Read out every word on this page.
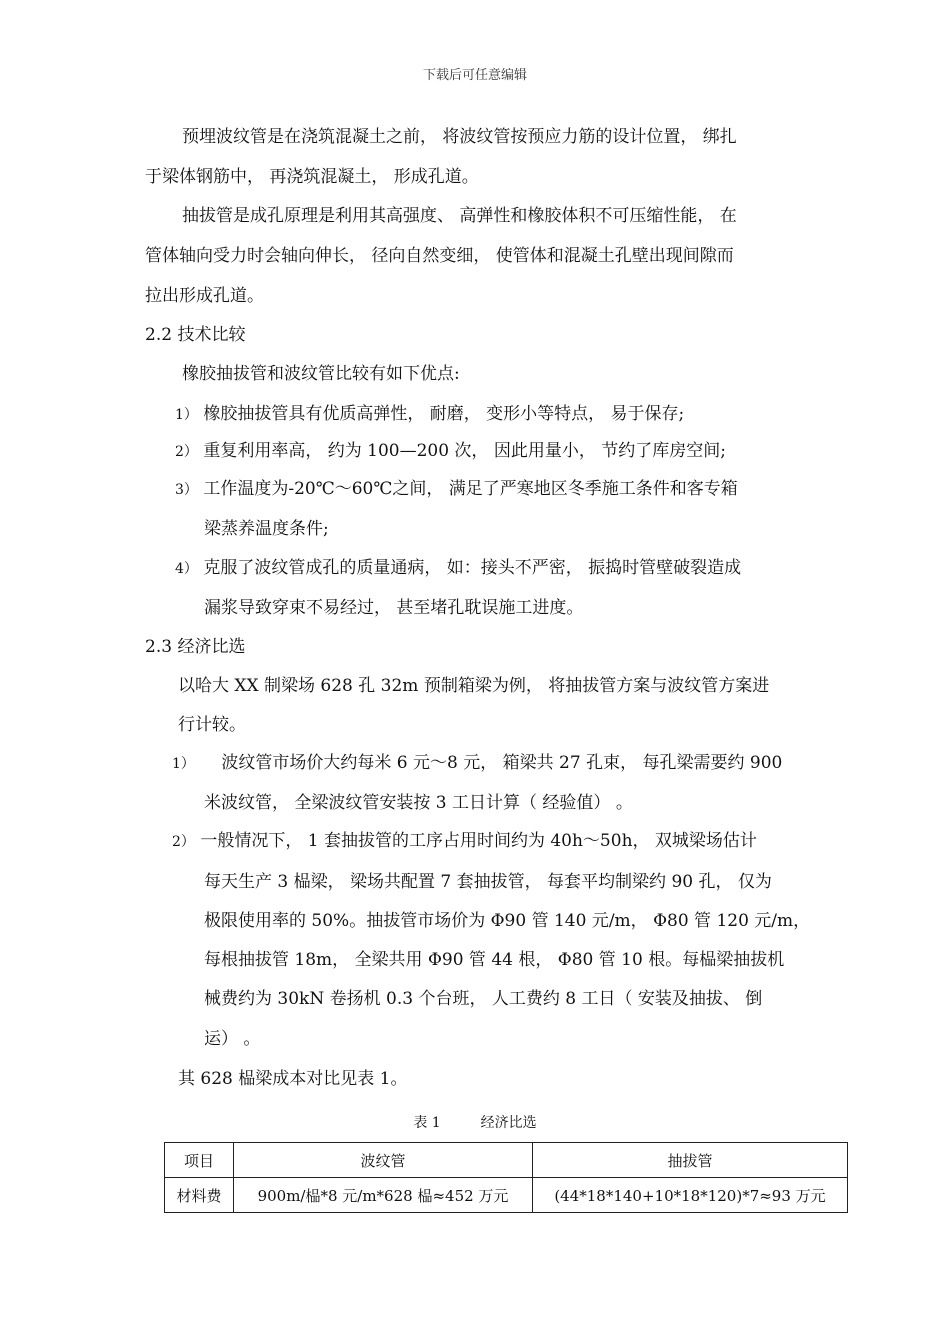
下载后可任意编辑
预埋波纹管是在浇筑混凝土之前， 将波纹管按预应力筋的设计位置， 绑扎
于梁体钢筋中， 再浇筑混凝土， 形成孔道。
抽拔管是成孔原理是利用其高强度、 高弹性和橡胶体积不可压缩性能， 在
管体轴向受力时会轴向伸长， 径向自然变细， 使管体和混凝土孔壁出现间隙而
拉出形成孔道。
2.2 技术比较
橡胶抽拔管和波纹管比较有如下优点:
1） 橡胶抽拔管具有优质高弹性， 耐磨， 变形小等特点， 易于保存;
2） 重复利用率高， 约为 100—200 次， 因此用量小， 节约了库房空间;
3） 工作温度为-20℃～60℃之间， 满足了严寒地区冬季施工条件和客专箱
梁蒸养温度条件;
4） 克服了波纹管成孔的质量通病， 如：接头不严密， 振捣时管壁破裂造成
漏浆导致穿束不易经过， 甚至堵孔耽误施工进度。
2.3 经济比选
以哈大 XX 制梁场 628 孔 32m 预制箱梁为例， 将抽拔管方案与波纹管方案进
行计较。
1） 波纹管市场价大约每米 6 元～8 元， 箱梁共 27 孔束， 每孔梁需要约 900
米波纹管， 全梁波纹管安装按 3 工日计算（ 经验值） 。
2） 一般情况下， 1 套抽拔管的工序占用时间约为 40h～50h， 双城梁场估计
每天生产 3 榀梁， 梁场共配置 7 套抽拔管， 每套平均制梁约 90 孔， 仅为
极限使用率的 50%。抽拔管市场价为 Φ90 管 140 元/m， Φ80 管 120 元/m，
每根抽拔管 18m， 全梁共用 Φ90 管 44 根， Φ80 管 10 根。每榀梁抽拔机
械费约为 30kN 卷扬机 0.3 个台班， 人工费约 8 工日（ 安装及抽拔、 倒
运） 。
其 628 榀梁成本对比见表 1。
表 1	经济比选
项目	波纹管	抽拔管
材料费	900m/榀*8 元/m*628 榀≈452 万元	(44*18*140+10*18*120)*7≈93 万元
